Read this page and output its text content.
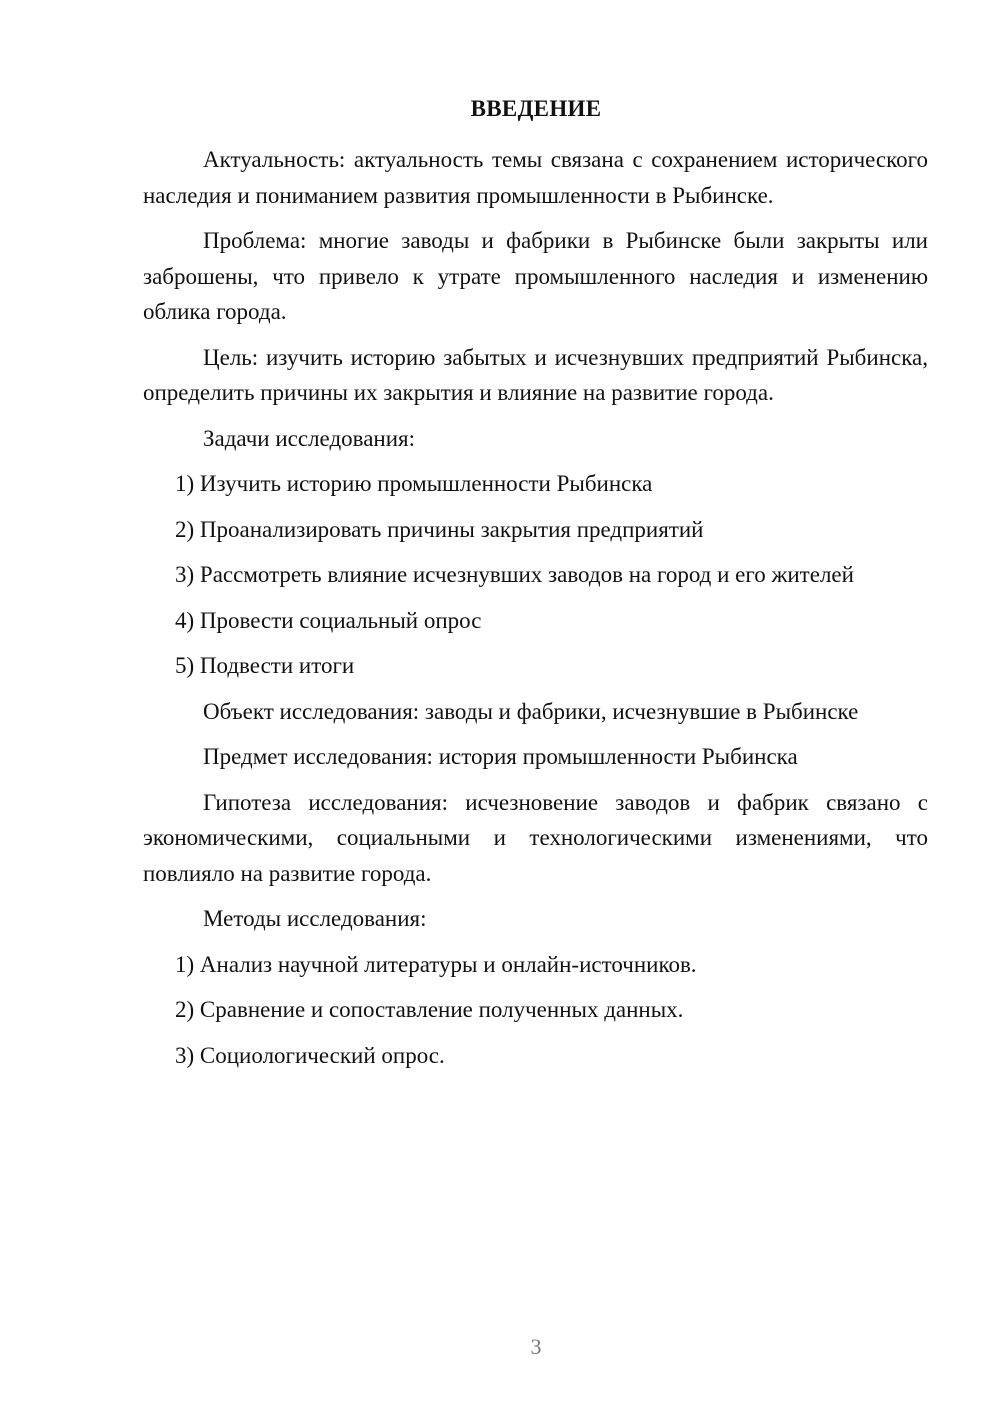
ВВЕДЕНИЕ

Актуальность: актуальность темы связана с сохранением исторического наследия и пониманием развития промышленности в Рыбинске.

Проблема: многие заводы и фабрики в Рыбинске были закрыты или заброшены, что привело к утрате промышленного наследия и изменению облика города.

Цель: изучить историю забытых и исчезнувших предприятий Рыбинска, определить причины их закрытия и влияние на развитие города.

Задачи исследования:

1) Изучить историю промышленности Рыбинска
2) Проанализировать причины закрытия предприятий
3) Рассмотреть влияние исчезнувших заводов на город и его жителей
4) Провести социальный опрос
5) Подвести итоги

Объект исследования: заводы и фабрики, исчезнувшие в Рыбинске

Предмет исследования: история промышленности Рыбинска

Гипотеза исследования: исчезновение заводов и фабрик связано с экономическими, социальными и технологическими изменениями, что повлияло на развитие города.

Методы исследования:

1) Анализ научной литературы и онлайн-источников.
2) Сравнение и сопоставление полученных данных.
3) Социологический опрос.
3
